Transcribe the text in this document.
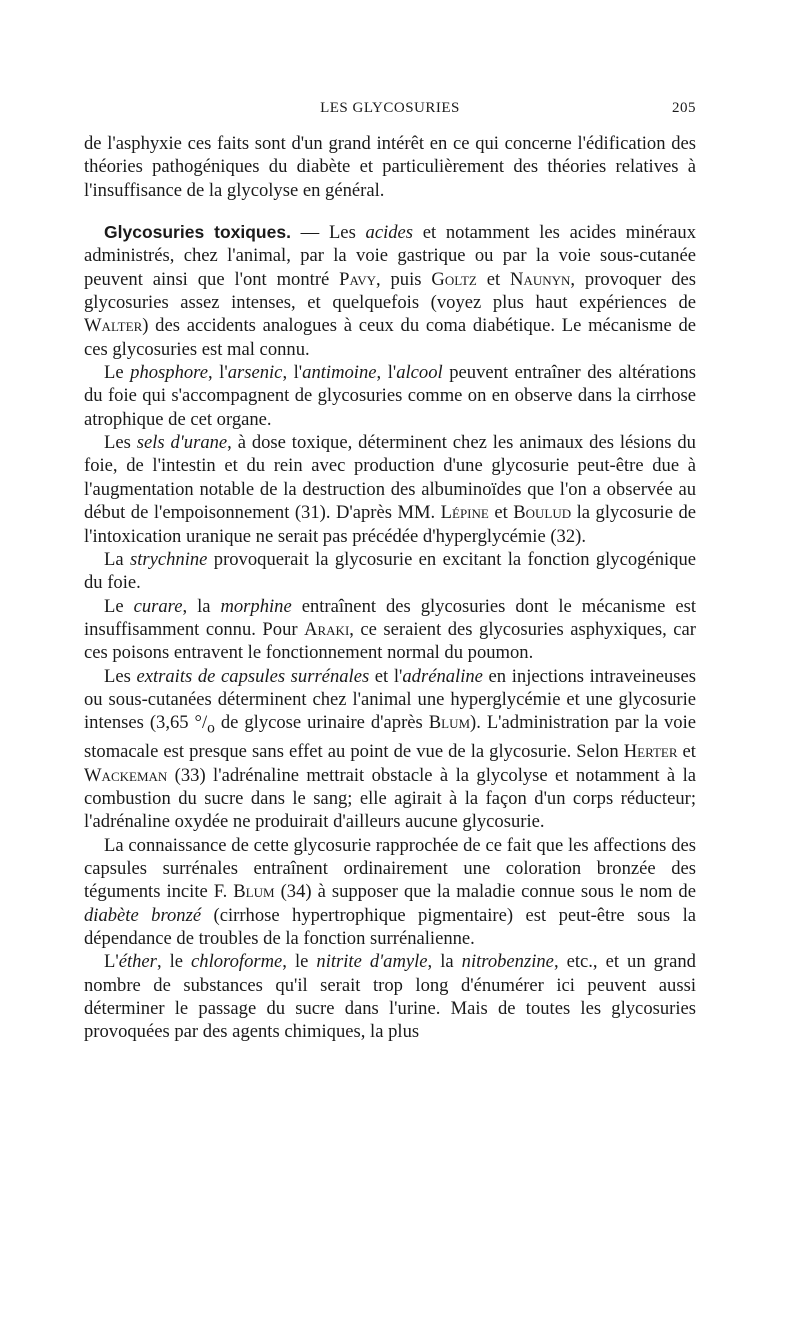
LES GLYCOSURIES	205

de l'asphyxie ces faits sont d'un grand intérêt en ce qui concerne l'édification des théories pathogéniques du diabète et particulièrement des théories relatives à l'insuffisance de la glycolyse en général.

Glycosuries toxiques. — Les acides et notamment les acides minéraux administrés, chez l'animal, par la voie gastrique ou par la voie sous-cutanée peuvent ainsi que l'ont montré Pavy, puis Goltz et Naunyn, provoquer des glycosuries assez intenses, et quelquefois (voyez plus haut expériences de Walter) des accidents analogues à ceux du coma diabétique. Le mécanisme de ces glycosuries est mal connu.

Le phosphore, l'arsenic, l'antimoine, l'alcool peuvent entraîner des altérations du foie qui s'accompagnent de glycosuries comme on en observe dans la cirrhose atrophique de cet organe.

Les sels d'urane, à dose toxique, déterminent chez les animaux des lésions du foie, de l'intestin et du rein avec production d'une glycosurie peut-être due à l'augmentation notable de la destruction des albuminoïdes que l'on a observée au début de l'empoisonnement (31). D'après MM. Lépine et Boulud la glycosurie de l'intoxication uranique ne serait pas précédée d'hyperglycémie (32).

La strychnine provoquerait la glycosurie en excitant la fonction glycogénique du foie.

Le curare, la morphine entraînent des glycosuries dont le mécanisme est insuffisamment connu. Pour Araki, ce seraient des glycosuries asphyxiques, car ces poisons entravent le fonctionnement normal du poumon.

Les extraits de capsules surrénales et l'adrénaline en injections intraveineuses ou sous-cutanées déterminent chez l'animal une hyperglycémie et une glycosurie intenses (3,65 $^\circ/_o$ de glycose urinaire d'après Blum). L'administration par la voie stomacale est presque sans effet au point de vue de la glycosurie. Selon Herter et Wackeman (33) l'adrénaline mettrait obstacle à la glycolyse et notamment à la combustion du sucre dans le sang; elle agirait à la façon d'un corps réducteur; l'adrénaline oxydée ne produirait d'ailleurs aucune glycosurie.

La connaissance de cette glycosurie rapprochée de ce fait que les affections des capsules surrénales entraînent ordinairement une coloration bronzée des téguments incite F. Blum (34) à supposer que la maladie connue sous le nom de diabète bronzé (cirrhose hypertrophique pigmentaire) est peut-être sous la dépendance de troubles de la fonction surrénalienne.

L'éther, le chloroforme, le nitrite d'amyle, la nitrobenzine, etc., et un grand nombre de substances qu'il serait trop long d'énumérer ici peuvent aussi déterminer le passage du sucre dans l'urine. Mais de toutes les glycosuries provoquées par des agents chimiques, la plus
